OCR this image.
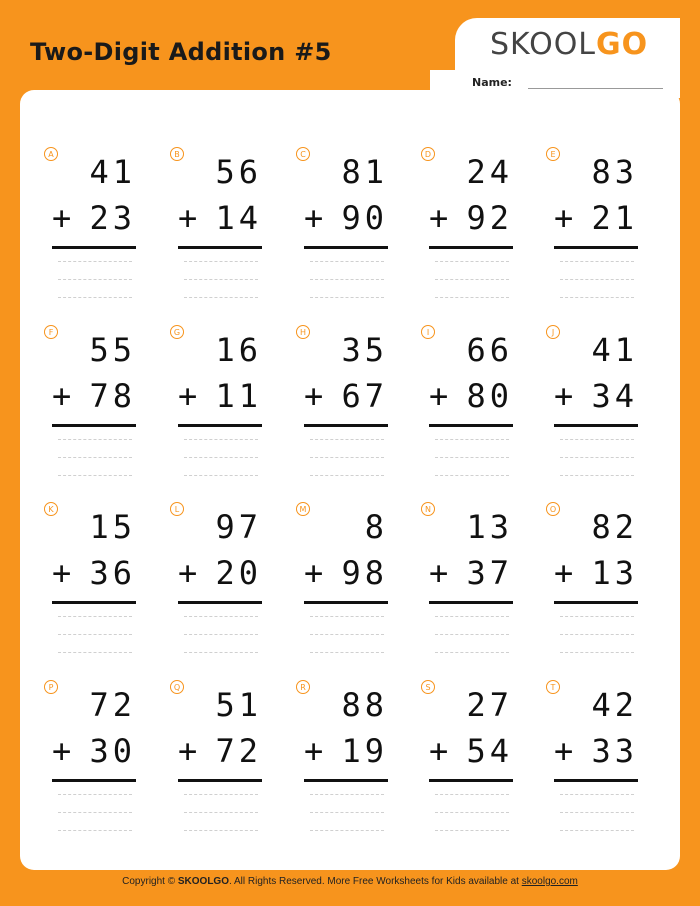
Two-Digit Addition #5	SKOOL GO
Name:
A 41
+ 23
B 56
+ 14
C 81
+ 90
D 24
+ 92
E 83
+ 21
F 55
+ 78
G 16
+ 11
H 35
+ 67
I 66
+ 80
J 41
+ 34
K 15
+ 36
L 97
+ 20
M 8
+ 98
N 13
+ 37
O 82
+ 13
P 72
+ 30
Q 51
+ 72
R 88
+ 19
S 27
+ 54
T 42
+ 33
Copyright © SKOOLGO. All Rights Reserved. More Free Worksheets for Kids available at skoolgo.com
